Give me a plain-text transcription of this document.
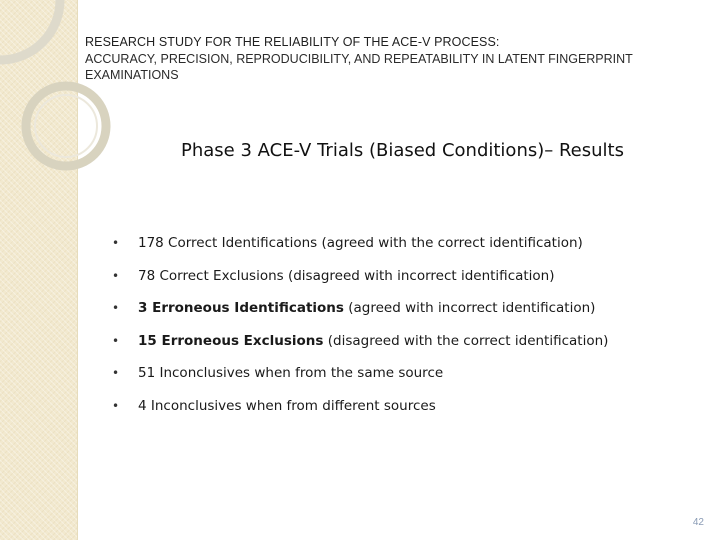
RESEARCH STUDY FOR THE RELIABILITY OF THE ACE-V PROCESS:
ACCURACY, PRECISION, REPRODUCIBILITY, AND REPEATABILITY IN LATENT FINGERPRINT EXAMINATIONS
Phase 3 ACE-V Trials (Biased Conditions)– Results
•	178 Correct Identifications (agreed with the correct identification)
•	78 Correct Exclusions (disagreed with incorrect identification)
•	3 Erroneous Identifications (agreed with incorrect identification)
•	15 Erroneous Exclusions (disagreed with the correct identification)
•	51 Inconclusives when from the same source
•	4 Inconclusives when from different sources
42
